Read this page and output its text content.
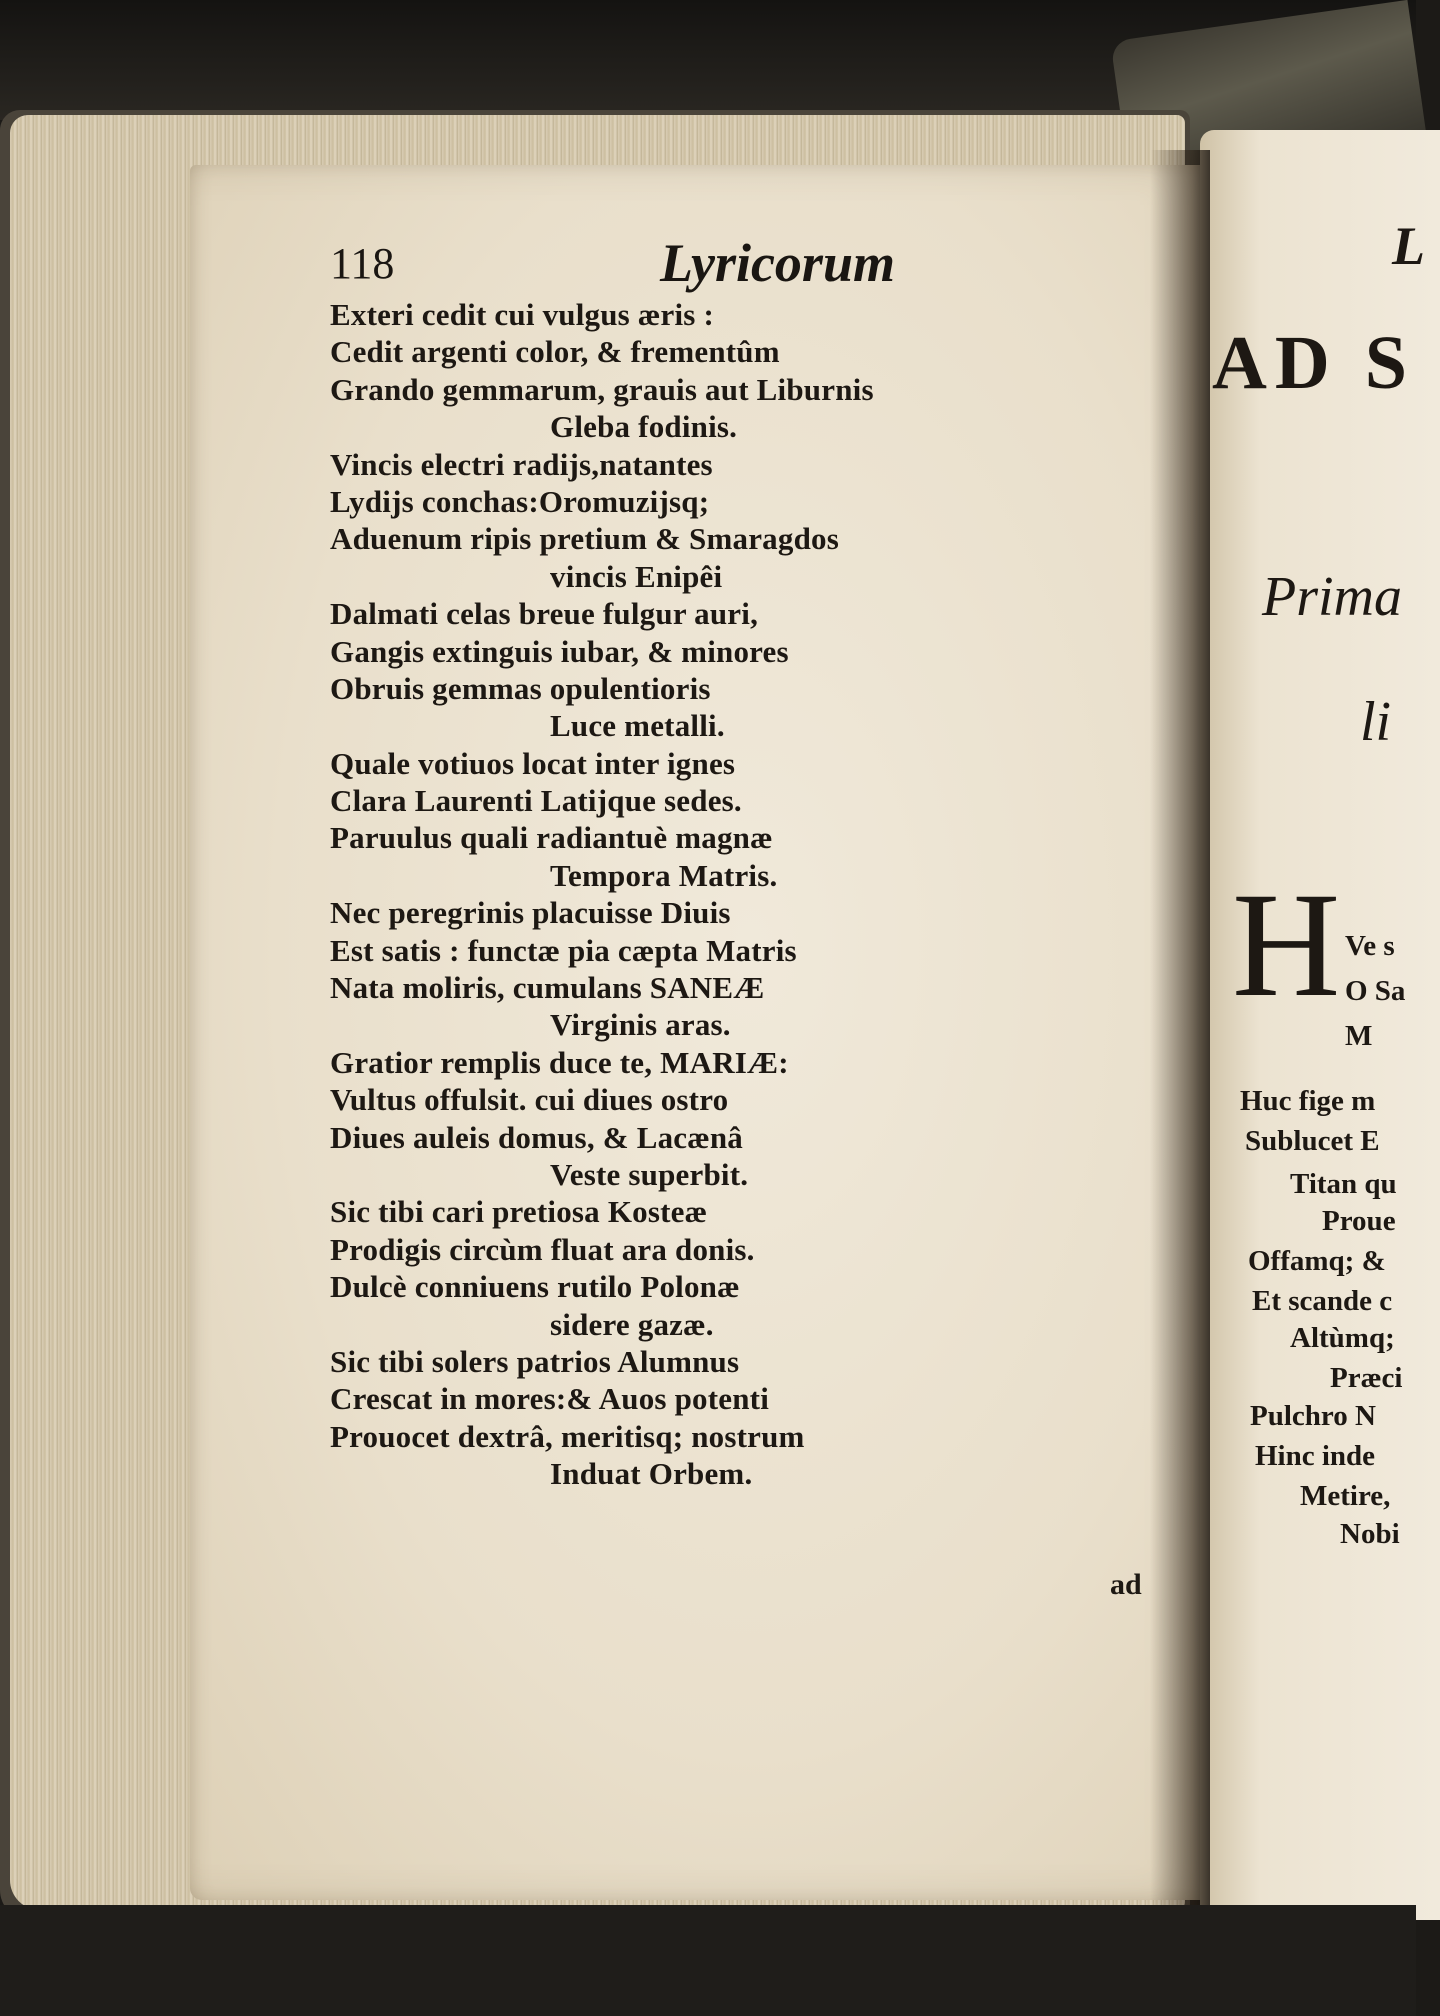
118	Lyricorum
Exteri cedit cui vulgus æris :
Cedit argenti color, & frementûm
Grando gemmarum, grauis aut Liburnis
Gleba fodinis.
Vincis electri radijs,natantes
Lydijs conchas:Oromuzijsq;
Aduenum ripis pretium & Smaragdos
vincis Enipêi
Dalmati celas breue fulgur auri,
Gangis extinguis iubar, & minores
Obruis gemmas opulentioris
Luce metalli.
Quale votiuos locat inter ignes
Clara Laurenti Latijque sedes.
Paruulus quali radiantuè magnæ
Tempora Matris.
Nec peregrinis placuisse Diuis
Est satis : functæ pia cæpta Matris
Nata moliris, cumulans SANEÆ
Virginis aras.
Gratior remplis duce te, MARIÆ:
Vultus offulsit. cui diues ostro
Diues auleis domus, & Lacænâ
Veste superbit.
Sic tibi cari pretiosa Kosteæ
Prodigis circùm fluat ara donis.
Dulcè conniuens rutilo Polonæ
sidere gazæ.
Sic tibi solers patrios Alumnus
Crescat in mores:& Auos potenti
Prouocet dextrâ, meritisq; nostrum
Induat Orbem.
ad
L
AD S
Prima
li
H Ve s
O Sa
M
Huc fige m
Sublucet E
Titan qu
Proue
Offamq; &
Et scande c
Altùmq;
Præci
Pulchro N
Hinc inde
Metire,
Nobi
